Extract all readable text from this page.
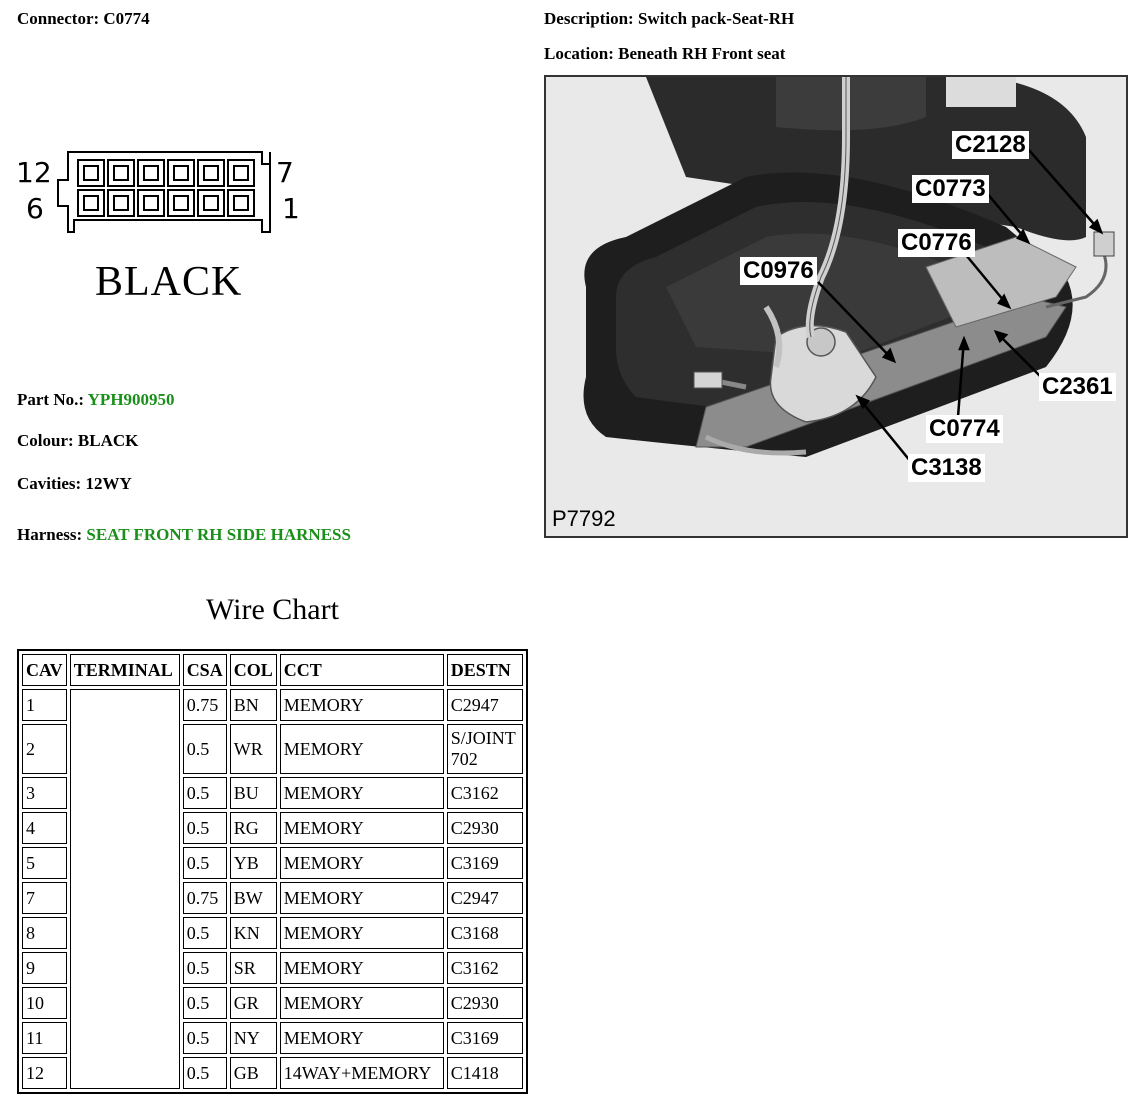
Connector: C0774	Description: Switch pack-Seat-RH
Location: Beneath RH Front seat
12
6
7
1
BLACK
Part No.: YPH900950
Colour: BLACK
Cavities: 12WY
Harness: SEAT FRONT RH SIDE HARNESS
C2128
C0773
C0776
C0976
C2361
C0774
C3138
P7792
Wire Chart
CAV	TERMINAL	CSA	COL	CCT	DESTN
1		0.75	BN	MEMORY	C2947
2		0.5	WR	MEMORY	S/JOINT 702
3		0.5	BU	MEMORY	C3162
4		0.5	RG	MEMORY	C2930
5		0.5	YB	MEMORY	C3169
7		0.75	BW	MEMORY	C2947
8		0.5	KN	MEMORY	C3168
9		0.5	SR	MEMORY	C3162
10		0.5	GR	MEMORY	C2930
11		0.5	NY	MEMORY	C3169
12		0.5	GB	14WAY+MEMORY	C1418
